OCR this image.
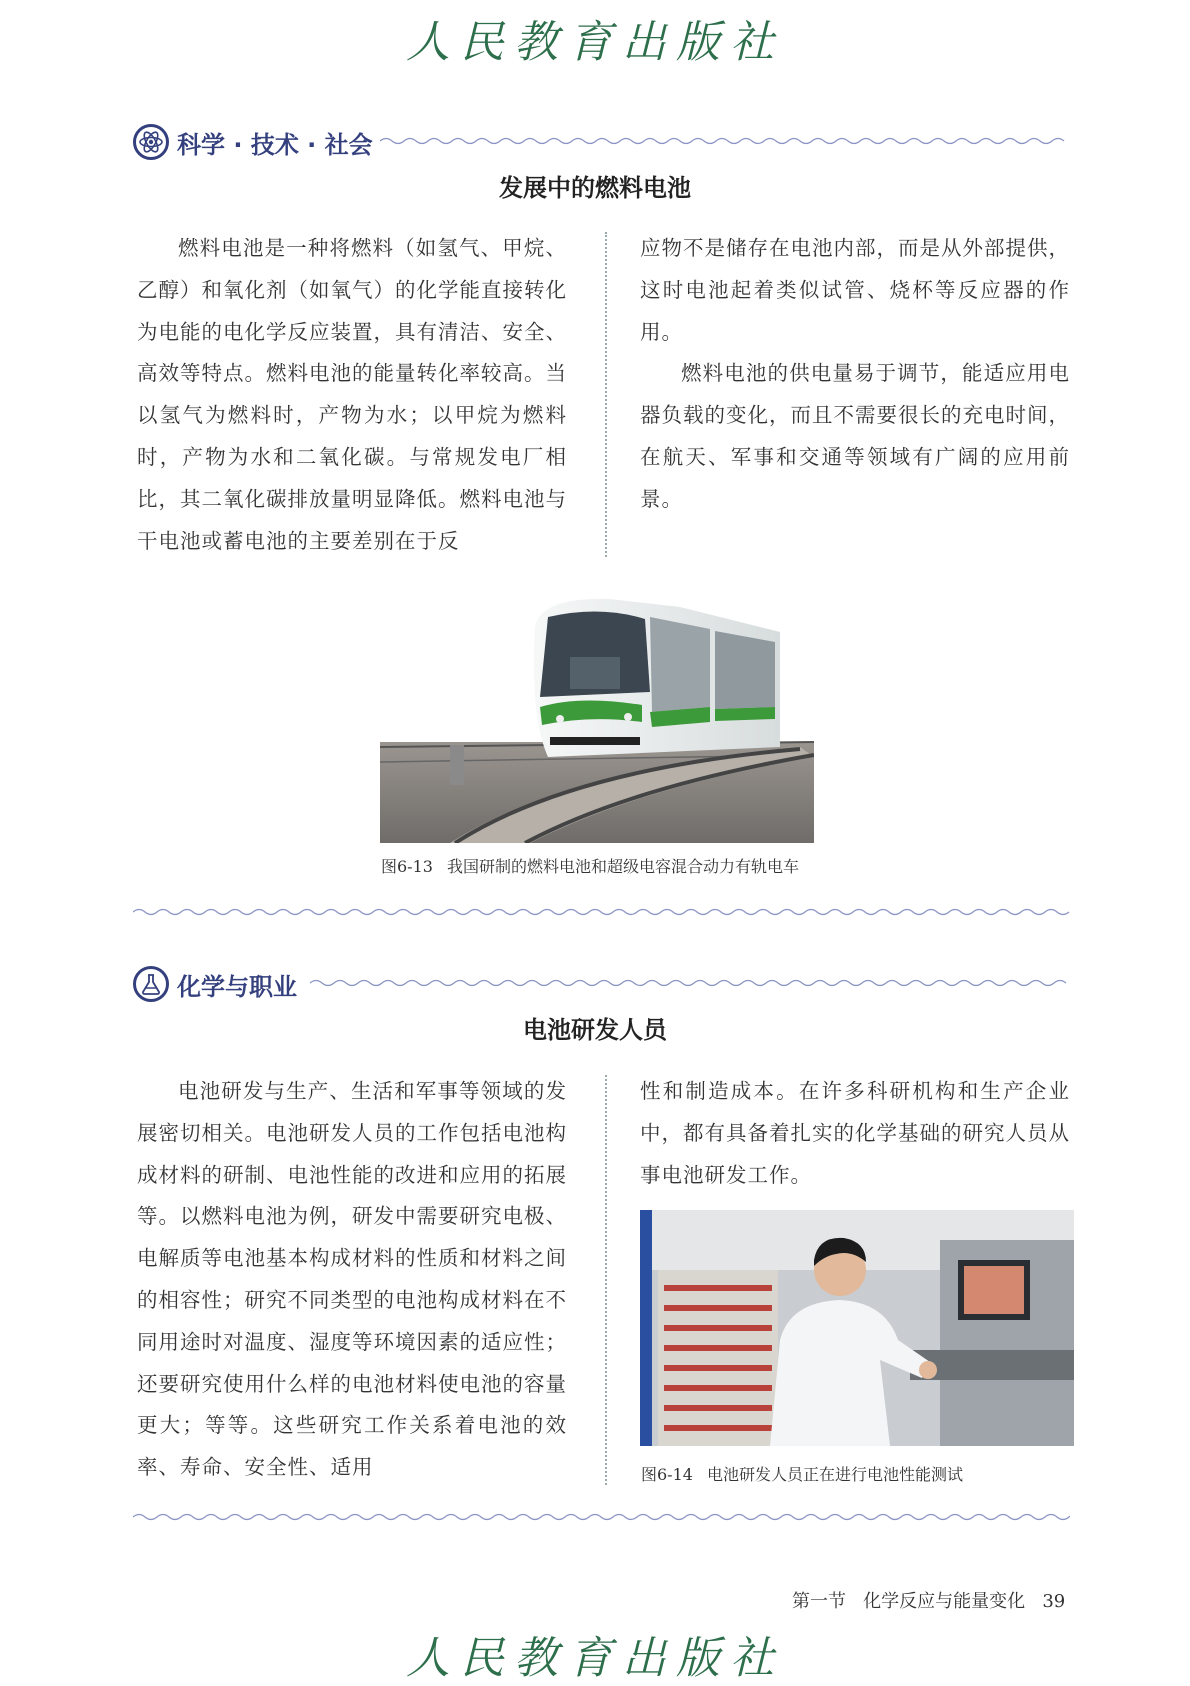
人民教育出版社
科学 · 技术 · 社会
发展中的燃料电池

燃料电池是一种将燃料（如氢气、甲烷、乙醇）和氧化剂（如氧气）的化学能直接转化为电能的电化学反应装置，具有清洁、安全、高效等特点。燃料电池的能量转化率较高。当以氢气为燃料时，产物为水；以甲烷为燃料时，产物为水和二氧化碳。与常规发电厂相比，其二氧化碳排放量明显降低。燃料电池与干电池或蓄电池的主要差别在于反

应物不是储存在电池内部，而是从外部提供，这时电池起着类似试管、烧杯等反应器的作用。

燃料电池的供电量易于调节，能适应用电器负载的变化，而且不需要很长的充电时间，在航天、军事和交通等领域有广阔的应用前景。

图6-13 我国研制的燃料电池和超级电容混合动力有轨电车
化学与职业
电池研发人员

电池研发与生产、生活和军事等领域的发展密切相关。电池研发人员的工作包括电池构成材料的研制、电池性能的改进和应用的拓展等。以燃料电池为例，研发中需要研究电极、电解质等电池基本构成材料的性质和材料之间的相容性；研究不同类型的电池构成材料在不同用途时对温度、湿度等环境因素的适应性；还要研究使用什么样的电池材料使电池的容量更大；等等。这些研究工作关系着电池的效率、寿命、安全性、适用

性和制造成本。在许多科研机构和生产企业中，都有具备着扎实的化学基础的研究人员从事电池研发工作。

图6-14 电池研发人员正在进行电池性能测试
第一节 化学反应与能量变化 39
人民教育出版社
